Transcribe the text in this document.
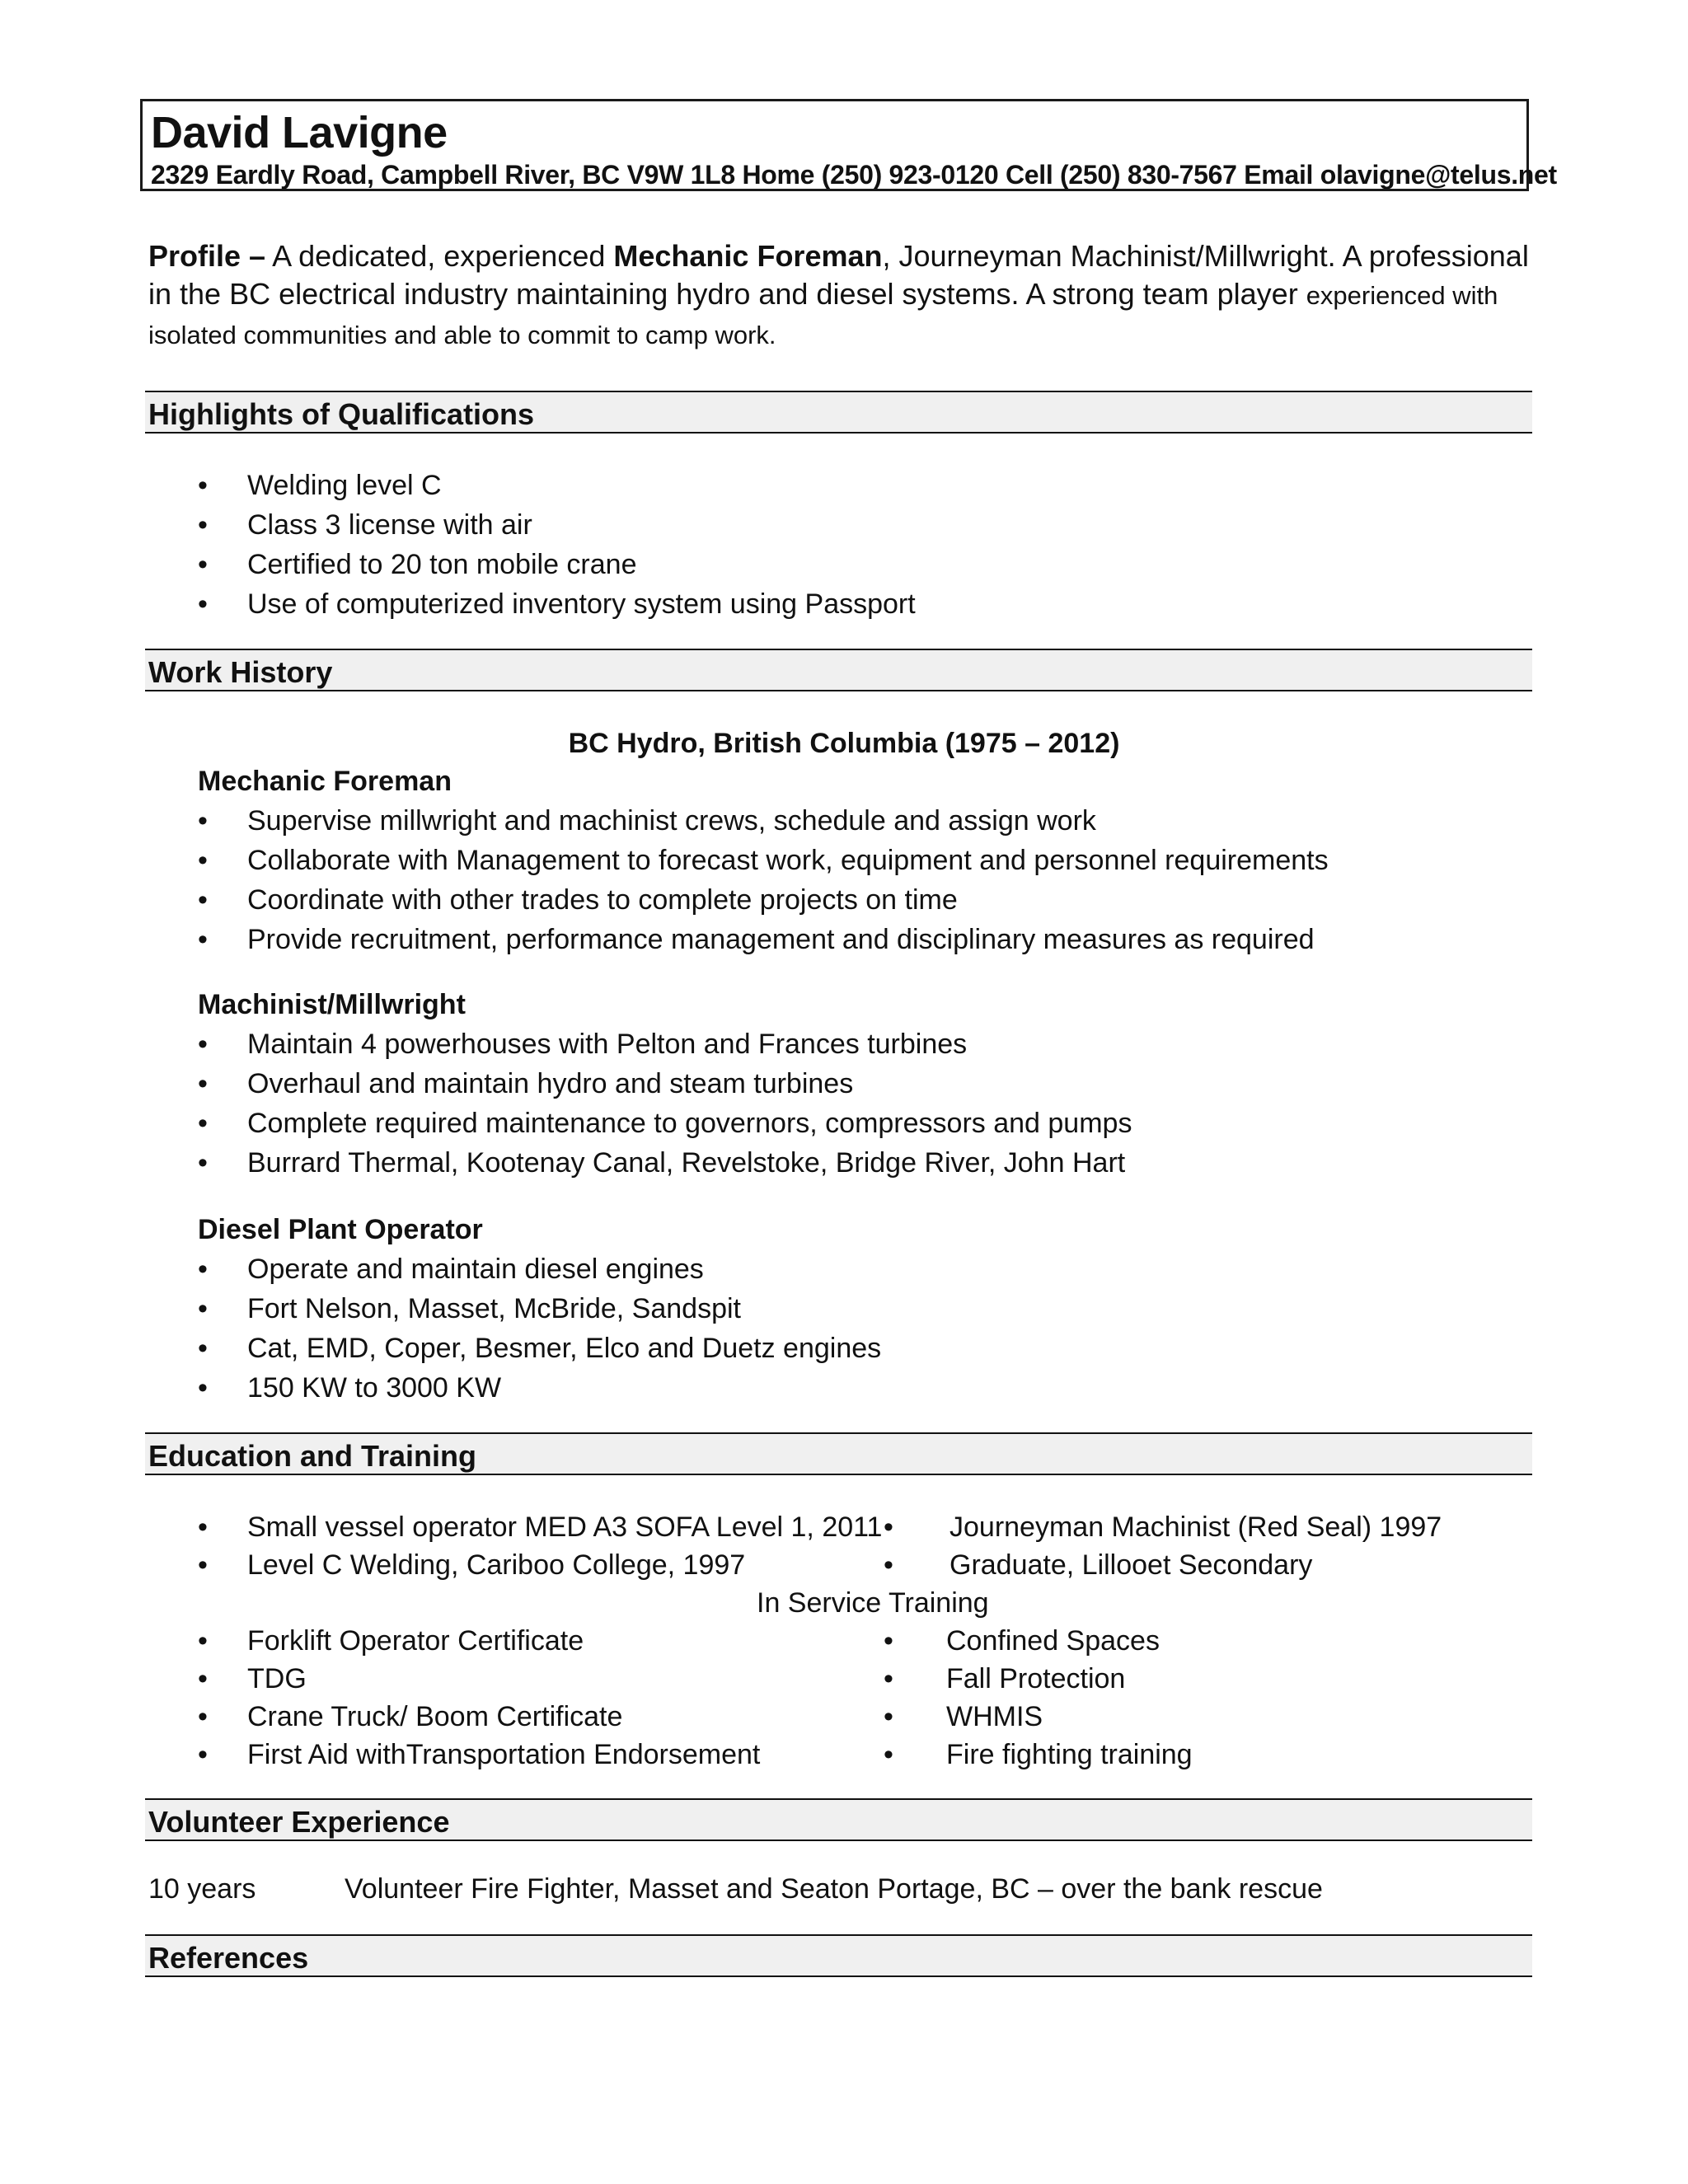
David Lavigne
2329 Eardly Road, Campbell River, BC V9W 1L8 Home (250) 923-0120 Cell (250) 830-7567 Email olavigne@telus.net
Profile – A dedicated, experienced Mechanic Foreman, Journeyman Machinist/Millwright. A professional in the BC electrical industry maintaining hydro and diesel systems. A strong team player experienced with isolated communities and able to commit to camp work.
Highlights of Qualifications
• Welding level C
• Class 3 license with air
• Certified to 20 ton mobile crane
• Use of computerized inventory system using Passport
Work History
BC Hydro, British Columbia (1975 – 2012)
Mechanic Foreman
• Supervise millwright and machinist crews, schedule and assign work
• Collaborate with Management to forecast work, equipment and personnel requirements
• Coordinate with other trades to complete projects on time
• Provide recruitment, performance management and disciplinary measures as required
Machinist/Millwright
• Maintain 4 powerhouses with Pelton and Frances turbines
• Overhaul and maintain hydro and steam turbines
• Complete required maintenance to governors, compressors and pumps
• Burrard Thermal, Kootenay Canal, Revelstoke, Bridge River, John Hart
Diesel Plant Operator
• Operate and maintain diesel engines
• Fort Nelson, Masset, McBride, Sandspit
• Cat, EMD, Coper, Besmer, Elco and Duetz engines
• 150 KW to 3000 KW
Education and Training
• Small vessel operator MED A3 SOFA Level 1, 2011
• Level C Welding, Cariboo College, 1997
• Journeyman Machinist (Red Seal) 1997
• Graduate, Lillooet Secondary
In Service Training
• Forklift Operator Certificate
• TDG
• Crane Truck/ Boom Certificate
• First Aid withTransportation Endorsement
• Confined Spaces
• Fall Protection
• WHMIS
• Fire fighting training
Volunteer Experience
10 years	Volunteer Fire Fighter, Masset and Seaton Portage, BC – over the bank rescue
References
